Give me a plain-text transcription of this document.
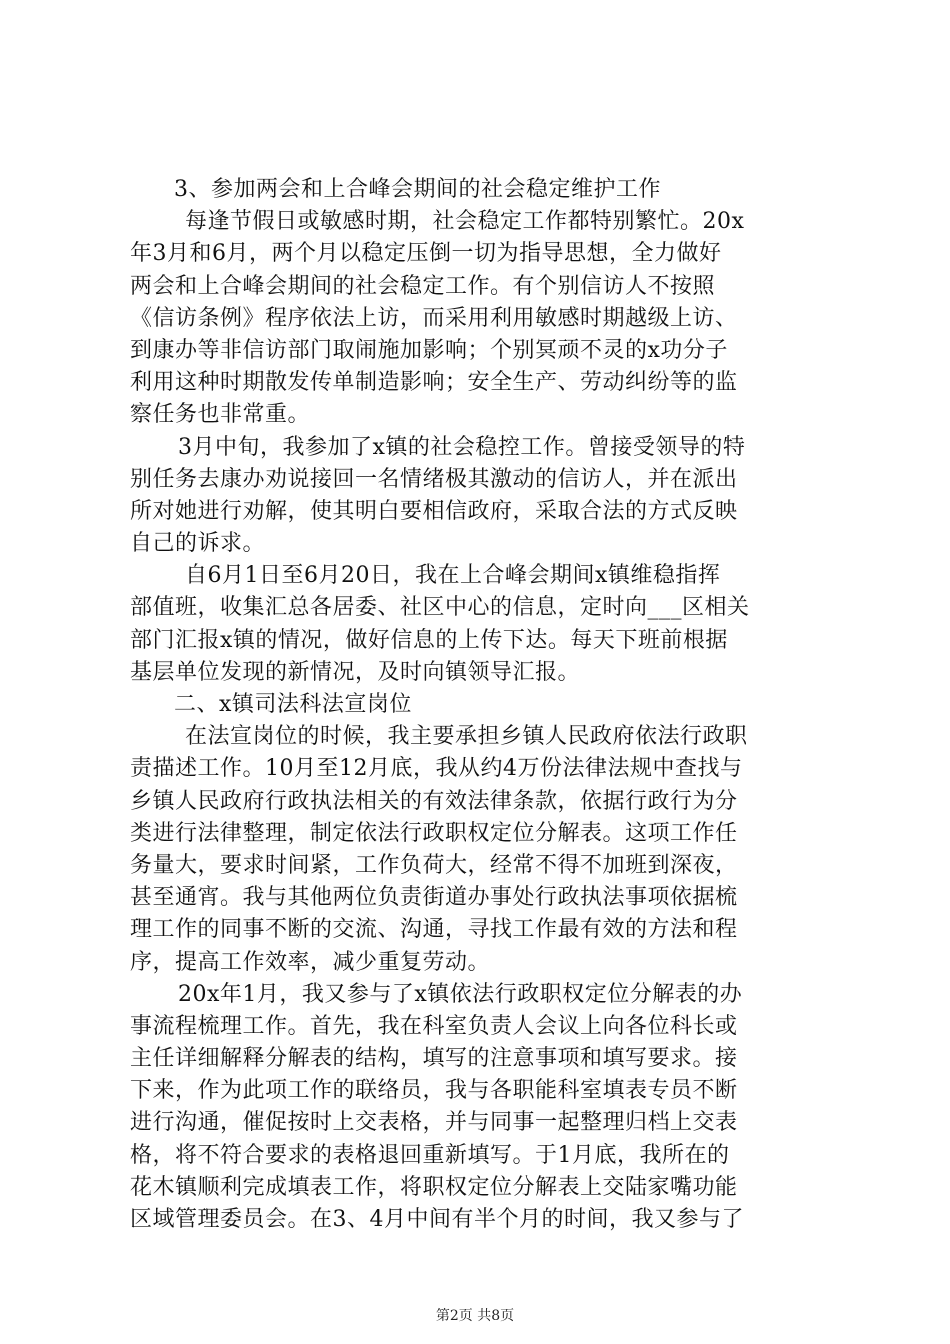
3、参加两会和上合峰会期间的社会稳定维护工作
每逢节假日或敏感时期，社会稳定工作都特别繁忙。20x
年3月和6月，两个月以稳定压倒一切为指导思想，全力做好
两会和上合峰会期间的社会稳定工作。有个别信访人不按照
《信访条例》程序依法上访，而采用利用敏感时期越级上访、
到康办等非信访部门取闹施加影响；个别冥顽不灵的x功分子
利用这种时期散发传单制造影响；安全生产、劳动纠纷等的监
察任务也非常重。
3月中旬，我参加了x镇的社会稳控工作。曾接受领导的特
别任务去康办劝说接回一名情绪极其激动的信访人，并在派出
所对她进行劝解，使其明白要相信政府，采取合法的方式反映
自己的诉求。
自6月1日至6月20日，我在上合峰会期间x镇维稳指挥
部值班，收集汇总各居委、社区中心的信息，定时向___区相关
部门汇报x镇的情况，做好信息的上传下达。每天下班前根据
基层单位发现的新情况，及时向镇领导汇报。
二、x镇司法科法宣岗位
在法宣岗位的时候，我主要承担乡镇人民政府依法行政职
责描述工作。10月至12月底，我从约4万份法律法规中查找与
乡镇人民政府行政执法相关的有效法律条款，依据行政行为分
类进行法律整理，制定依法行政职权定位分解表。这项工作任
务量大，要求时间紧，工作负荷大，经常不得不加班到深夜，
甚至通宵。我与其他两位负责街道办事处行政执法事项依据梳
理工作的同事不断的交流、沟通，寻找工作最有效的方法和程
序，提高工作效率，减少重复劳动。
20x年1月，我又参与了x镇依法行政职权定位分解表的办
事流程梳理工作。首先，我在科室负责人会议上向各位科长或
主任详细解释分解表的结构，填写的注意事项和填写要求。接
下来，作为此项工作的联络员，我与各职能科室填表专员不断
进行沟通，催促按时上交表格，并与同事一起整理归档上交表
格，将不符合要求的表格退回重新填写。于1月底，我所在的
花木镇顺利完成填表工作，将职权定位分解表上交陆家嘴功能
区域管理委员会。在3、4月中间有半个月的时间，我又参与了
第2页 共8页
